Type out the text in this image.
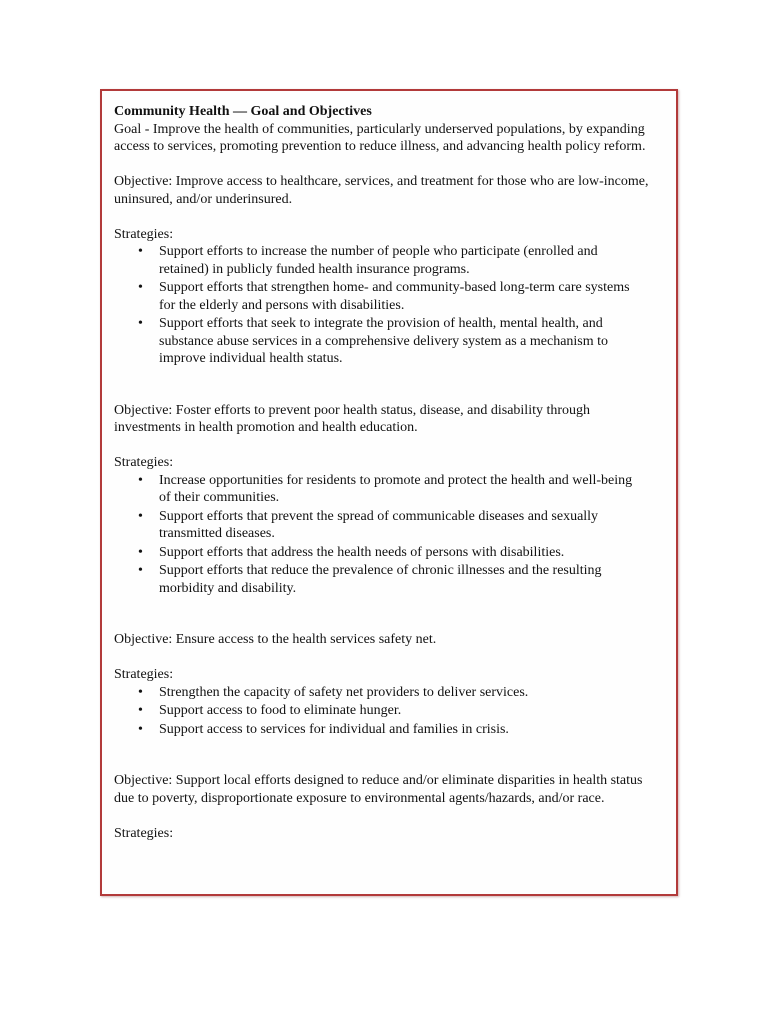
Community Health — Goal and Objectives

Goal - Improve the health of communities, particularly underserved populations, by expanding access to services, promoting prevention to reduce illness, and advancing health policy reform.

Objective: Improve access to healthcare, services, and treatment for those who are low-income, uninsured, and/or underinsured.

Strategies:

• Support efforts to increase the number of people who participate (enrolled and retained) in publicly funded health insurance programs.
• Support efforts that strengthen home- and community-based long-term care systems for the elderly and persons with disabilities.
• Support efforts that seek to integrate the provision of health, mental health, and substance abuse services in a comprehensive delivery system as a mechanism to improve individual health status.

Objective: Foster efforts to prevent poor health status, disease, and disability through investments in health promotion and health education.

Strategies:

• Increase opportunities for residents to promote and protect the health and well-being of their communities.
• Support efforts that prevent the spread of communicable diseases and sexually transmitted diseases.
• Support efforts that address the health needs of persons with disabilities.
• Support efforts that reduce the prevalence of chronic illnesses and the resulting morbidity and disability.

Objective: Ensure access to the health services safety net.

Strategies:

• Strengthen the capacity of safety net providers to deliver services.
• Support access to food to eliminate hunger.
• Support access to services for individual and families in crisis.

Objective: Support local efforts designed to reduce and/or eliminate disparities in health status due to poverty, disproportionate exposure to environmental agents/hazards, and/or race.

Strategies:
